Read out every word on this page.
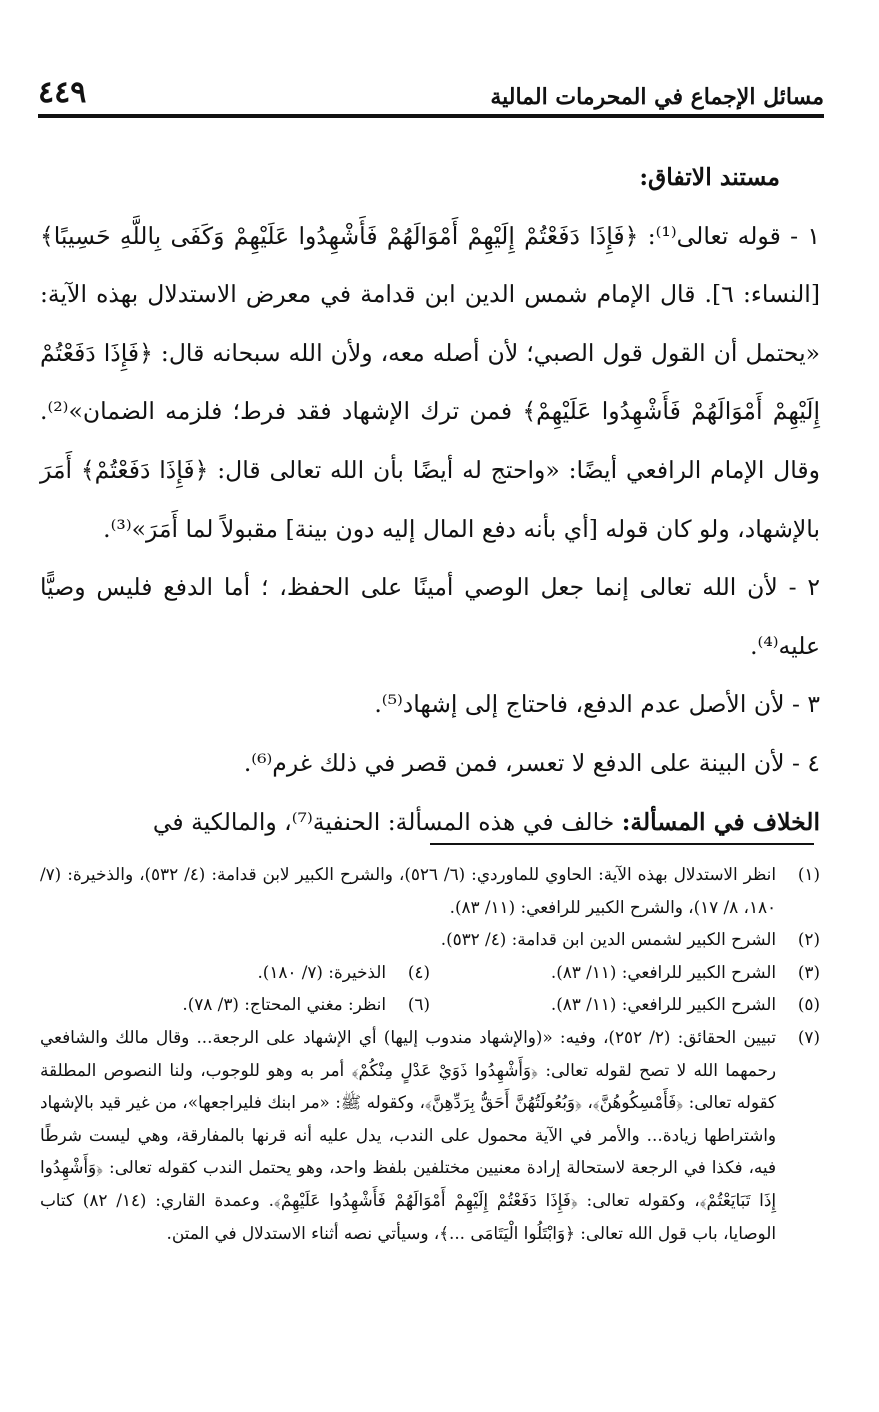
٤٤٩	مسائل الإجماع في المحرمات المالية

مستند الاتفاق:

١ - قوله تعالى⁽¹⁾: ﴿فَإِذَا دَفَعْتُمْ إِلَيْهِمْ أَمْوَالَهُمْ فَأَشْهِدُوا عَلَيْهِمْ وَكَفَى بِاللَّهِ حَسِيبًا﴾ [النساء: ٦]. قال الإمام شمس الدين ابن قدامة في معرض الاستدلال بهذه الآية: «يحتمل أن القول قول الصبي؛ لأن أصله معه، ولأن الله سبحانه قال: ﴿فَإِذَا دَفَعْتُمْ إِلَيْهِمْ أَمْوَالَهُمْ فَأَشْهِدُوا عَلَيْهِمْ﴾ فمن ترك الإشهاد فقد فرط؛ فلزمه الضمان»⁽²⁾. وقال الإمام الرافعي أيضًا: «واحتج له أيضًا بأن الله تعالى قال: ﴿فَإِذَا دَفَعْتُمْ﴾ أَمَرَ بالإشهاد، ولو كان قوله [أي بأنه دفع المال إليه دون بينة] مقبولاً لما أَمَرَ»⁽³⁾.

٢ - لأن الله تعالى إنما جعل الوصي أمينًا على الحفظ، ؛ أما الدفع فليس وصيًّا عليه⁽⁴⁾.

٣ - لأن الأصل عدم الدفع، فاحتاج إلى إشهاد⁽⁵⁾.

٤ - لأن البينة على الدفع لا تعسر، فمن قصر في ذلك غرم⁽⁶⁾.

الخلاف في المسألة: خالف في هذه المسألة: الحنفية⁽⁷⁾، والمالكية في

(١)
انظر الاستدلال بهذه الآية: الحاوي للماوردي: (٦/ ٥٢٦)، والشرح الكبير لابن قدامة: (٤/ ٥٣٢)، والذخيرة: (٧/ ١٨٠، ٨/ ١٧)، والشرح الكبير للرافعي: (١١/ ٨٣).
(٢)
الشرح الكبير لشمس الدين ابن قدامة: (٤/ ٥٣٢).
(٣)
الشرح الكبير للرافعي: (١١/ ٨٣).
(٤)
الذخيرة: (٧/ ١٨٠).
(٥)
الشرح الكبير للرافعي: (١١/ ٨٣).
(٦)
انظر: مغني المحتاج: (٣/ ٧٨).
(٧)
تبيين الحقائق: (٢/ ٢٥٢)، وفيه: «(والإشهاد مندوب إليها) أي الإشهاد على الرجعة... وقال مالك والشافعي رحمهما الله لا تصح لقوله تعالى: ﴿وَأَشْهِدُوا ذَوَيْ عَدْلٍ مِنْكُمْ﴾ أمر به وهو للوجوب، ولنا النصوص المطلقة كقوله تعالى: ﴿فَأَمْسِكُوهُنَّ﴾، ﴿وَبُعُولَتُهُنَّ أَحَقُّ بِرَدِّهِنَّ﴾، وكقوله ﷺ: «مر ابنك فليراجعها»، من غير قيد بالإشهاد واشتراطها زيادة... والأمر في الآية محمول على الندب، يدل عليه أنه قرنها بالمفارقة، وهي ليست شرطًا فيه، فكذا في الرجعة لاستحالة إرادة معنيين مختلفين بلفظ واحد، وهو يحتمل الندب كقوله تعالى: ﴿وَأَشْهِدُوا إِذَا تَبَايَعْتُمْ﴾، وكقوله تعالى: ﴿فَإِذَا دَفَعْتُمْ إِلَيْهِمْ أَمْوَالَهُمْ فَأَشْهِدُوا عَلَيْهِمْ﴾. وعمدة القاري: (١٤/ ٨٢) كتاب الوصايا، باب قول الله تعالى: ﴿وَابْتَلُوا الْيَتَامَى ...﴾، وسيأتي نصه أثناء الاستدلال في المتن.
